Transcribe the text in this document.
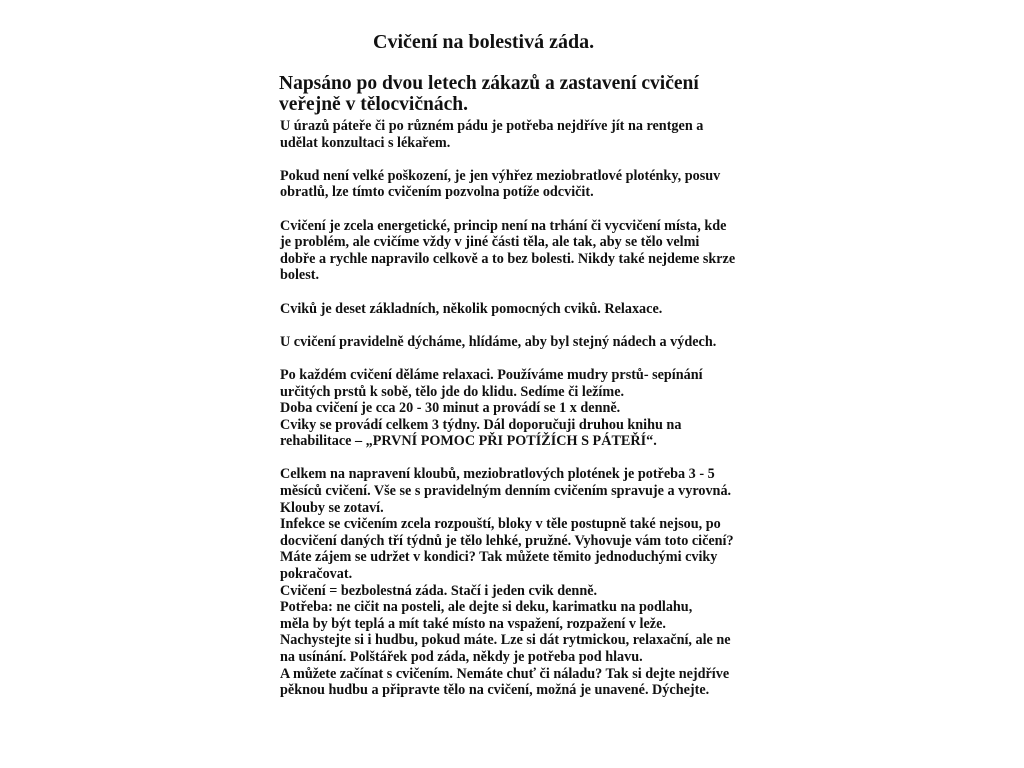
Cvičení na bolestivá záda.
Napsáno po dvou letech zákazů a zastavení cvičení
veřejně v tělocvičnách.
U úrazů páteře či po různém pádu je potřeba nejdříve jít na rentgen a
udělat konzultaci s lékařem.
Pokud není velké poškození, je jen výhřez meziobratlové ploténky, posuv
obratlů, lze tímto cvičením pozvolna potíže odcvičit.
Cvičení je zcela energetické, princip není na trhání či vycvičení místa, kde
je problém, ale cvičíme vždy v jiné části těla, ale tak, aby se tělo velmi
dobře a rychle napravilo celkově a to bez bolesti. Nikdy také nejdeme skrze
bolest.
Cviků je deset základních, několik pomocných cviků. Relaxace.
U cvičení pravidelně dýcháme, hlídáme, aby byl stejný nádech a výdech.
Po každém cvičení děláme relaxaci. Používáme mudry prstů- sepínání
určitých prstů k sobě, tělo jde do klidu. Sedíme či ležíme.
Doba cvičení je cca 20 - 30 minut a provádí se 1 x denně.
Cviky se provádí celkem 3 týdny. Dál doporučuji druhou knihu na
rehabilitace – „PRVNÍ POMOC PŘI POTÍŽÍCH S PÁTEŘÍ“.
Celkem na napravení kloubů, meziobratlových plotének je potřeba 3 - 5
měsíců cvičení. Vše se s pravidelným denním cvičením spravuje a vyrovná.
Klouby se zotaví.
Infekce se cvičením zcela rozpouští, bloky v těle postupně také nejsou, po
docvičení daných tří týdnů je tělo lehké, pružné. Vyhovuje vám toto cičení?
Máte zájem se udržet v kondici? Tak můžete těmito jednoduchými cviky
pokračovat.
Cvičení = bezbolestná záda. Stačí i jeden cvik denně.
Potřeba: ne cičit na posteli, ale dejte si deku, karimatku na podlahu,
měla by být teplá a mít také místo na vspažení, rozpažení v leže.
Nachystejte si i hudbu, pokud máte. Lze si dát rytmickou, relaxační, ale ne
na usínání. Polštářek pod záda, někdy je potřeba pod hlavu.
A můžete začínat s cvičením. Nemáte chuť či náladu? Tak si dejte nejdříve
pěknou hudbu a připravte tělo na cvičení, možná je unavené. Dýchejte.
